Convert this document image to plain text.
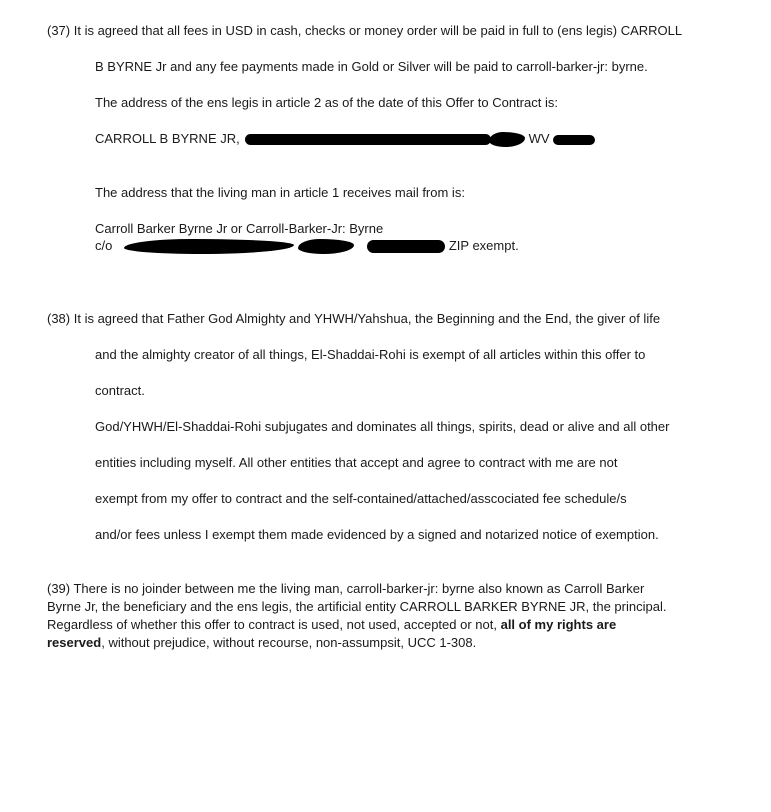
(37) It is agreed that all fees in USD in cash, checks or money order will be paid in full to (ens legis) CARROLL
B BYRNE Jr and any fee payments made in Gold or Silver will be paid to carroll-barker-jr: byrne.
The address of the ens legis in article 2 as of the date of this Offer to Contract is:
CARROLL B BYRNE JR,	WV
The address that the living man in article 1 receives mail from is:
Carroll Barker Byrne Jr or Carroll-Barker-Jr: Byrne
c/o	ZIP exempt.
(38) It is agreed that Father God Almighty and YHWH/Yahshua, the Beginning and the End, the giver of life
and the almighty creator of all things, El-Shaddai-Rohi is exempt of all articles within this offer to
contract.
God/YHWH/El-Shaddai-Rohi subjugates and dominates all things, spirits, dead or alive and all other
entities including myself. All other entities that accept and agree to contract with me are not
exempt from my offer to contract and the self-contained/attached/asscociated fee schedule/s
and/or fees unless I exempt them made evidenced by a signed and notarized notice of exemption.
(39) There is no joinder between me the living man, carroll-barker-jr: byrne also known as Carroll Barker
Byrne Jr, the beneficiary and the ens legis, the artificial entity CARROLL BARKER BYRNE JR, the principal.
Regardless of whether this offer to contract is used, not used, accepted or not, all of my rights are
reserved, without prejudice, without recourse, non-assumpsit, UCC 1-308.
